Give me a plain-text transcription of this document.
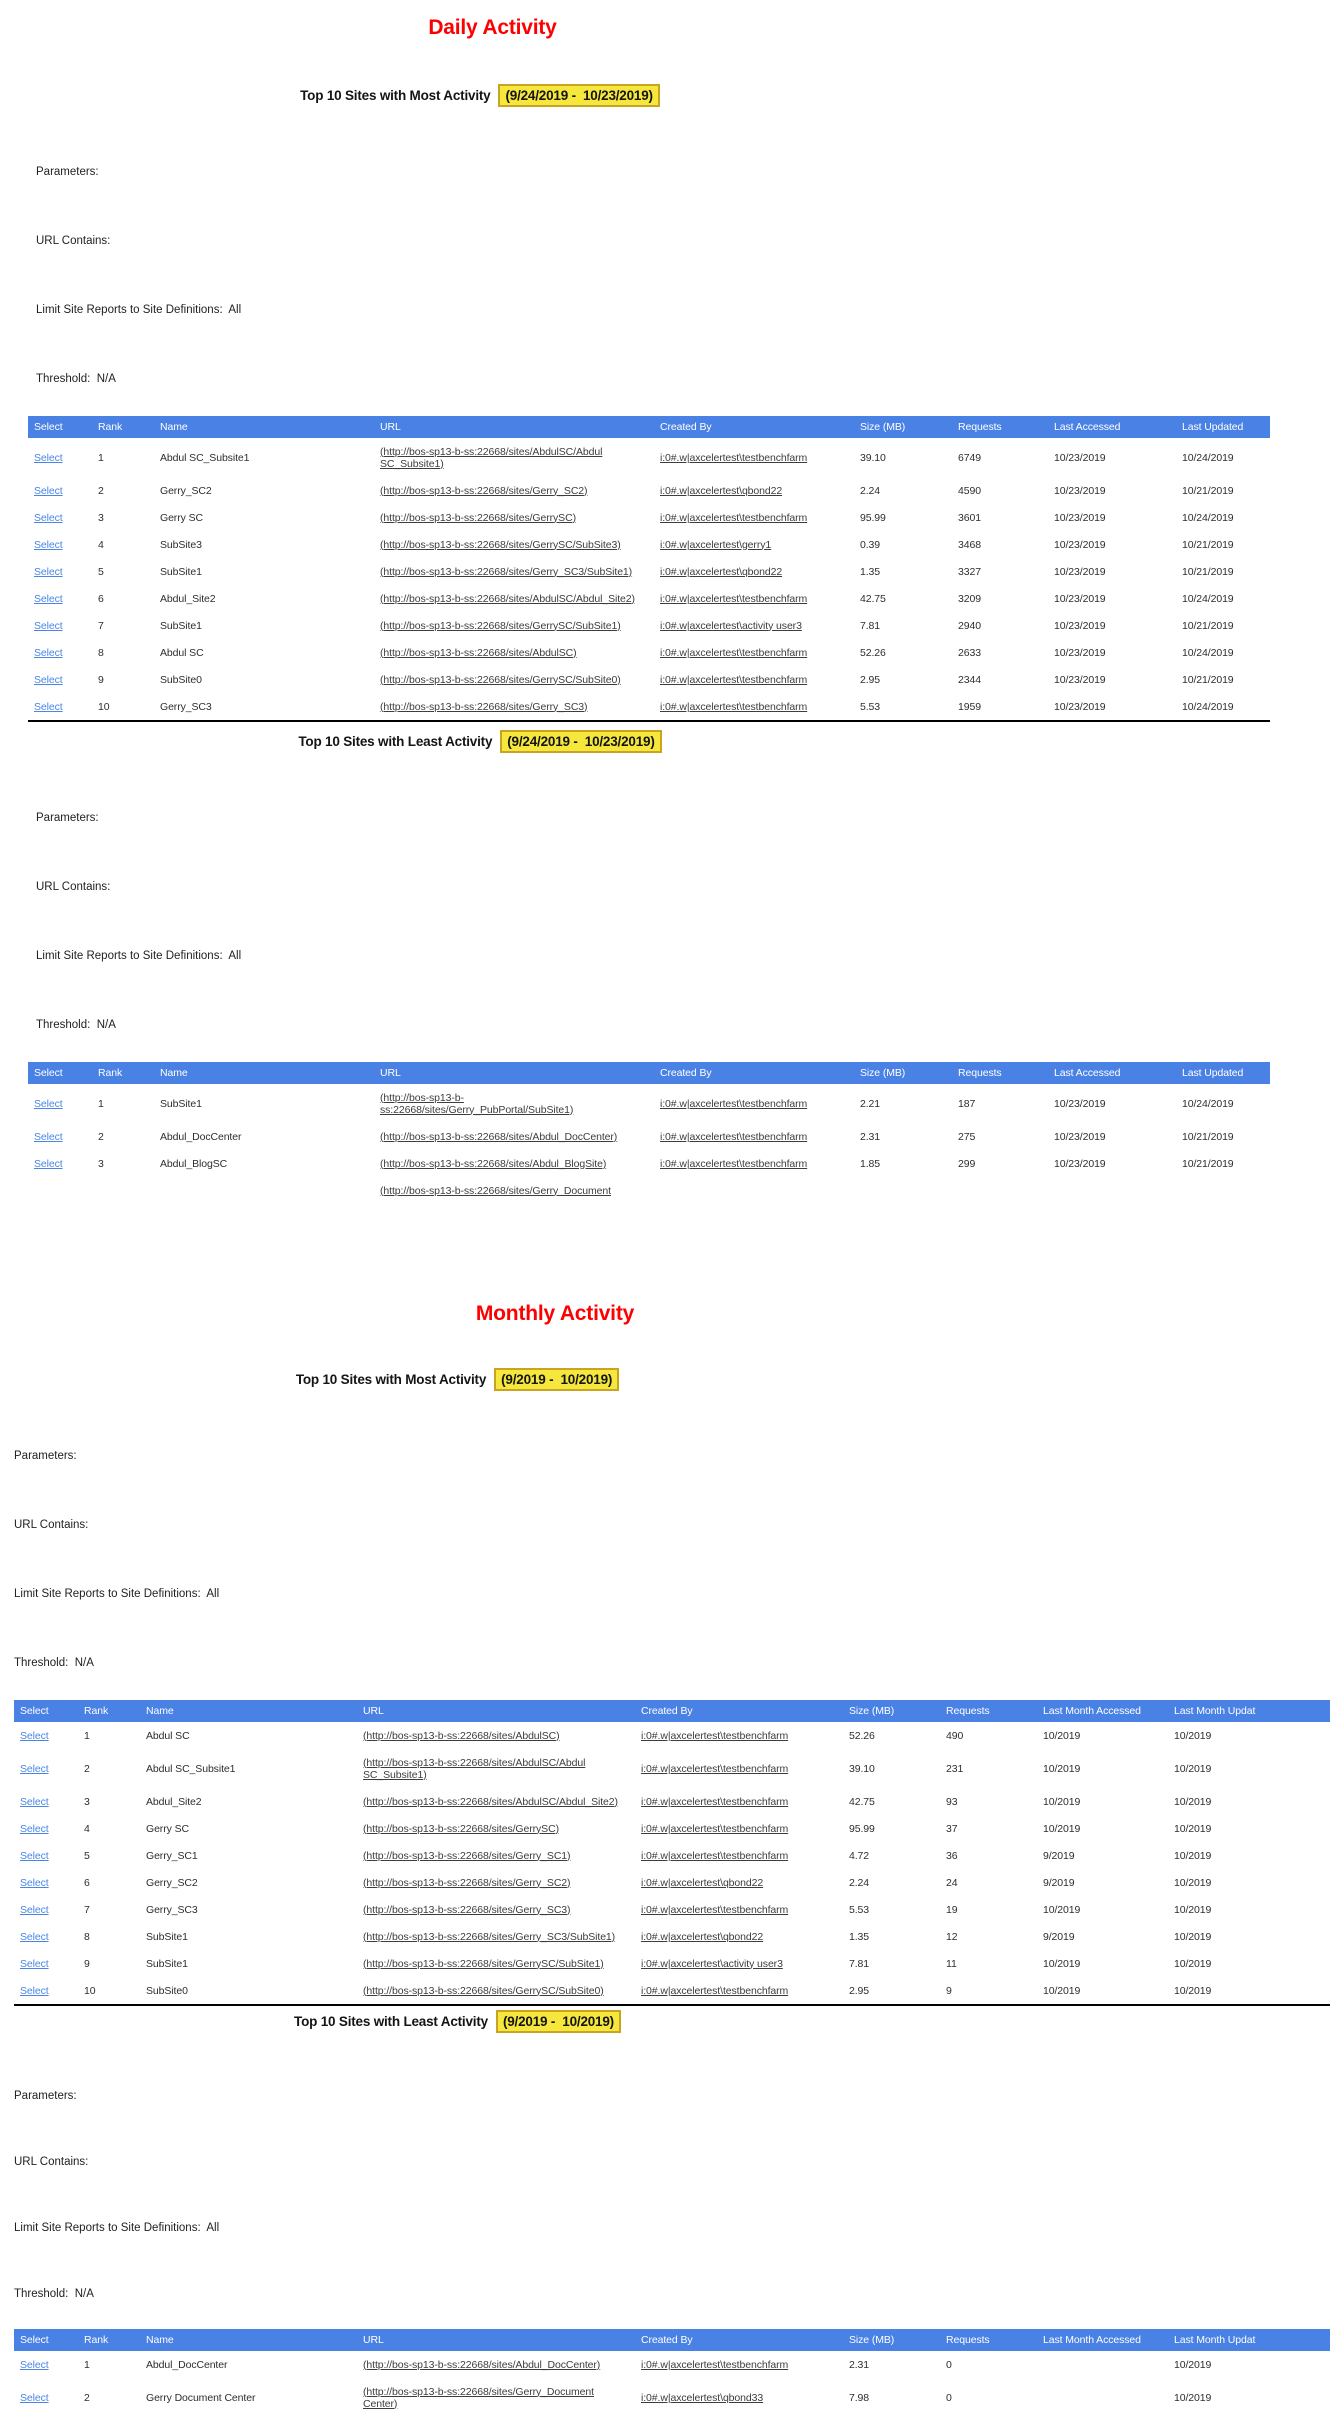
Daily Activity
Top 10 Sites with Most Activity (9/24/2019 -  10/23/2019)

Parameters:

URL Contains:

Limit Site Reports to Site Definitions:  All

Threshold:  N/A

Select	Rank	Name	URL	Created By	Size (MB)	Requests	Last Accessed	Last Updated
Select	1	Abdul SC_Subsite1	(http://bos-sp13-b-ss:22668/sites/AbdulSC/Abdul SC_Subsite1)	i:0#.w|axcelertest\testbenchfarm	39.10	6749	10/23/2019	10/24/2019
Select	2	Gerry_SC2	(http://bos-sp13-b-ss:22668/sites/Gerry_SC2)	i:0#.w|axcelertest\qbond22	2.24	4590	10/23/2019	10/21/2019
Select	3	Gerry SC	(http://bos-sp13-b-ss:22668/sites/GerrySC)	i:0#.w|axcelertest\testbenchfarm	95.99	3601	10/23/2019	10/24/2019
Select	4	SubSite3	(http://bos-sp13-b-ss:22668/sites/GerrySC/SubSite3)	i:0#.w|axcelertest\gerry1	0.39	3468	10/23/2019	10/21/2019
Select	5	SubSite1	(http://bos-sp13-b-ss:22668/sites/Gerry_SC3/SubSite1)	i:0#.w|axcelertest\qbond22	1.35	3327	10/23/2019	10/21/2019
Select	6	Abdul_Site2	(http://bos-sp13-b-ss:22668/sites/AbdulSC/Abdul_Site2)	i:0#.w|axcelertest\testbenchfarm	42.75	3209	10/23/2019	10/24/2019
Select	7	SubSite1	(http://bos-sp13-b-ss:22668/sites/GerrySC/SubSite1)	i:0#.w|axcelertest\activity user3	7.81	2940	10/23/2019	10/21/2019
Select	8	Abdul SC	(http://bos-sp13-b-ss:22668/sites/AbdulSC)	i:0#.w|axcelertest\testbenchfarm	52.26	2633	10/23/2019	10/24/2019
Select	9	SubSite0	(http://bos-sp13-b-ss:22668/sites/GerrySC/SubSite0)	i:0#.w|axcelertest\testbenchfarm	2.95	2344	10/23/2019	10/21/2019
Select	10	Gerry_SC3	(http://bos-sp13-b-ss:22668/sites/Gerry_SC3)	i:0#.w|axcelertest\testbenchfarm	5.53	1959	10/23/2019	10/24/2019
Top 10 Sites with Least Activity (9/24/2019 -  10/23/2019)

Parameters:

URL Contains:

Limit Site Reports to Site Definitions:  All

Threshold:  N/A

Select	Rank	Name	URL	Created By	Size (MB)	Requests	Last Accessed	Last Updated
Select	1	SubSite1	(http://bos-sp13-b-ss:22668/sites/Gerry_PubPortal/SubSite1)	i:0#.w|axcelertest\testbenchfarm	2.21	187	10/23/2019	10/24/2019
Select	2	Abdul_DocCenter	(http://bos-sp13-b-ss:22668/sites/Abdul_DocCenter)	i:0#.w|axcelertest\testbenchfarm	2.31	275	10/23/2019	10/21/2019
Select	3	Abdul_BlogSC	(http://bos-sp13-b-ss:22668/sites/Abdul_BlogSite)	i:0#.w|axcelertest\testbenchfarm	1.85	299	10/23/2019	10/21/2019
			(http://bos-sp13-b-ss:22668/sites/Gerry_Document					
Monthly Activity
Top 10 Sites with Most Activity (9/2019 -  10/2019)

Parameters:

URL Contains:

Limit Site Reports to Site Definitions:  All

Threshold:  N/A

Select	Rank	Name	URL	Created By	Size (MB)	Requests	Last Month Accessed	Last Month Updat
Select	1	Abdul SC	(http://bos-sp13-b-ss:22668/sites/AbdulSC)	i:0#.w|axcelertest\testbenchfarm	52.26	490	10/2019	10/2019
Select	2	Abdul SC_Subsite1	(http://bos-sp13-b-ss:22668/sites/AbdulSC/Abdul SC_Subsite1)	i:0#.w|axcelertest\testbenchfarm	39.10	231	10/2019	10/2019
Select	3	Abdul_Site2	(http://bos-sp13-b-ss:22668/sites/AbdulSC/Abdul_Site2)	i:0#.w|axcelertest\testbenchfarm	42.75	93	10/2019	10/2019
Select	4	Gerry SC	(http://bos-sp13-b-ss:22668/sites/GerrySC)	i:0#.w|axcelertest\testbenchfarm	95.99	37	10/2019	10/2019
Select	5	Gerry_SC1	(http://bos-sp13-b-ss:22668/sites/Gerry_SC1)	i:0#.w|axcelertest\testbenchfarm	4.72	36	9/2019	10/2019
Select	6	Gerry_SC2	(http://bos-sp13-b-ss:22668/sites/Gerry_SC2)	i:0#.w|axcelertest\qbond22	2.24	24	9/2019	10/2019
Select	7	Gerry_SC3	(http://bos-sp13-b-ss:22668/sites/Gerry_SC3)	i:0#.w|axcelertest\testbenchfarm	5.53	19	10/2019	10/2019
Select	8	SubSite1	(http://bos-sp13-b-ss:22668/sites/Gerry_SC3/SubSite1)	i:0#.w|axcelertest\qbond22	1.35	12	9/2019	10/2019
Select	9	SubSite1	(http://bos-sp13-b-ss:22668/sites/GerrySC/SubSite1)	i:0#.w|axcelertest\activity user3	7.81	11	10/2019	10/2019
Select	10	SubSite0	(http://bos-sp13-b-ss:22668/sites/GerrySC/SubSite0)	i:0#.w|axcelertest\testbenchfarm	2.95	9	10/2019	10/2019
Top 10 Sites with Least Activity (9/2019 -  10/2019)

Parameters:

URL Contains:

Limit Site Reports to Site Definitions:  All

Threshold:  N/A

Select	Rank	Name	URL	Created By	Size (MB)	Requests	Last Month Accessed	Last Month Updat
Select	1	Abdul_DocCenter	(http://bos-sp13-b-ss:22668/sites/Abdul_DocCenter)	i:0#.w|axcelertest\testbenchfarm	2.31	0		10/2019
Select	2	Gerry Document Center	(http://bos-sp13-b-ss:22668/sites/Gerry_Document Center)	i:0#.w|axcelertest\qbond33	7.98	0		10/2019
